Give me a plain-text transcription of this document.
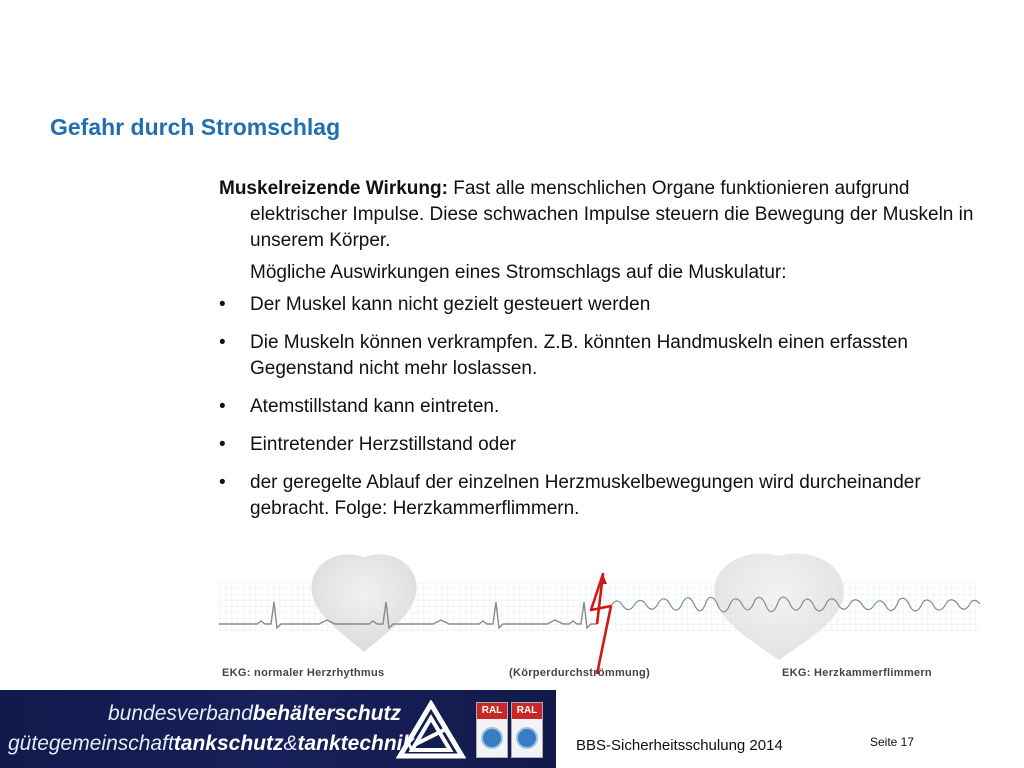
Gefahr durch Stromschlag
Muskelreizende Wirkung: Fast alle menschlichen Organe funktionieren aufgrund elektrischer Impulse. Diese schwachen Impulse steuern die Bewegung der Muskeln in unserem Körper.
Mögliche Auswirkungen eines Stromschlags auf die Muskulatur:
• Der Muskel kann nicht gezielt gesteuert werden
• Die Muskeln können verkrampfen. Z.B. könnten Handmuskeln einen erfassten Gegenstand nicht mehr loslassen.
• Atemstillstand kann eintreten.
• Eintretender Herzstillstand oder
• der geregelte Ablauf der einzelnen Herzmuskelbewegungen wird durcheinander gebracht. Folge: Herzkammerflimmern.
EKG: normaler Herzrhythmus	(Körperdurchströmmung)	EKG: Herzkammerflimmern
bundesverbandbehälterschutz
gütegemeinschafttankschutz&tanktechnik
RAL	RAL
BBS-Sicherheitsschulung 2014	Seite 17
